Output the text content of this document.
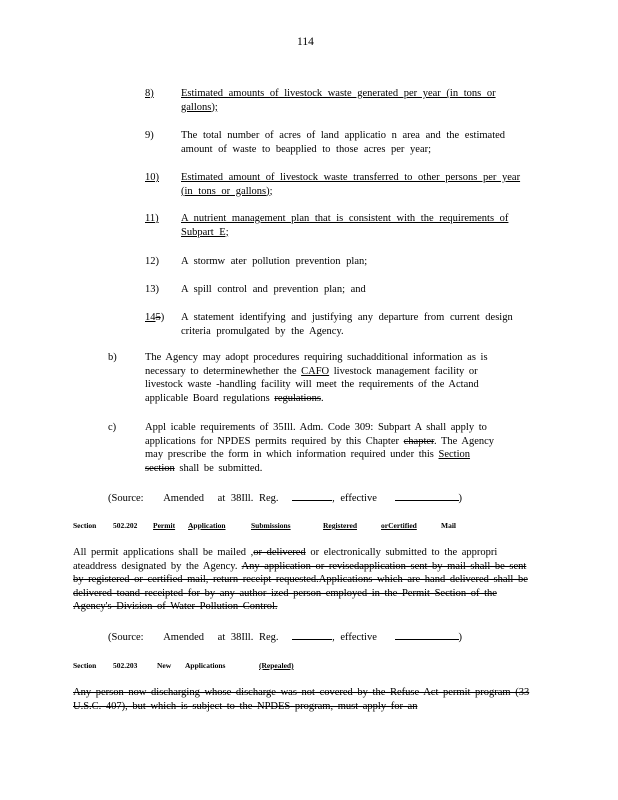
114
8)	Estimated amounts of livestock waste generated per year (in tons or gallons);
9)	The total number of acres of land applicatio n area and the estimated amount of waste to beapplied to those acres per year;
10)	Estimated amount of livestock waste transferred to other persons per year (in tons or gallons);
11)	A nutrient management plan that is consistent with the requirements of Subpart E;
12)	A stormw ater pollution prevention plan;
13)	A spill control and prevention plan; and
145)	A statement identifying and justifying any departure from current design criteria promulgated by the Agency.
b)	The Agency may adopt procedures requiring suchadditional information as is necessary to determinewhether the CAFO livestock management facility or livestock waste -handling facility will meet the requirements of the Actand applicable Board regulations regulations.
c)	Appl icable requirements of 35Ill. Adm. Code 309: Subpart A shall apply to applications for NPDES permits required by this Chapter chapter. The Agency may prescribe the form in which information required under this Section section shall be submitted.
(Source: Amended at 38Ill. Reg.	, effective	)
Section 502.202 Permit Application	Submissions	Registered	orCertified	Mail
All permit applications shall be mailed ,or delivered or electronically submitted to the appropri ateaddress designated by the Agency. Any application or revisedapplication sent by mail shall be sent by registered or certified mail, return receipt requested.Applications which are hand delivered shall be delivered toand receipted for by any author ized person employed in the Permit Section of the Agency's Division of Water Pollution Control.
(Source: Amended at 38Ill. Reg.	, effective	)
Section 502.203	New Applications	(Repealed)
Any person now discharging whose discharge was not covered by the Refuse Act permit program (33 U.S.C. 407), but which is subject to the NPDES program, must apply for an
